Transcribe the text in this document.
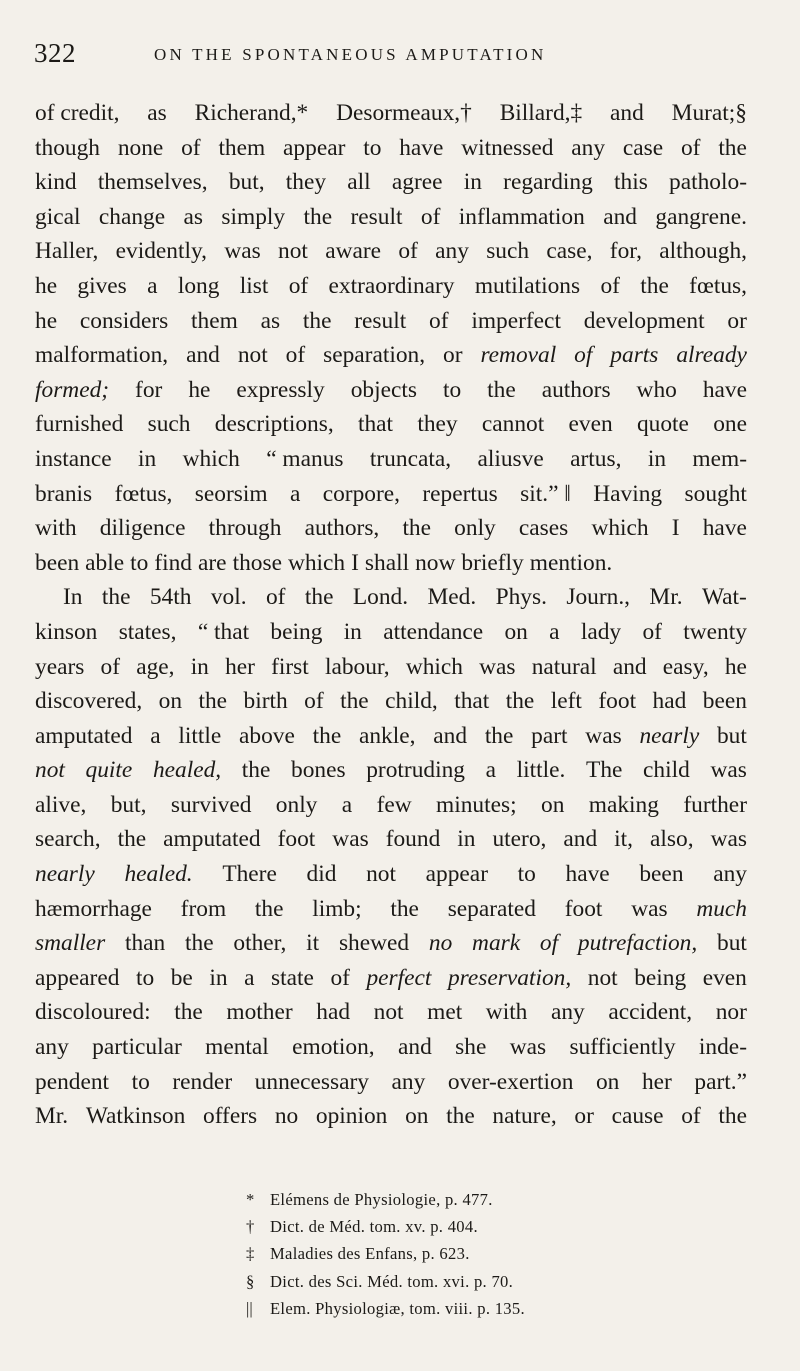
322	ON THE SPONTANEOUS AMPUTATION
of credit, as Richerand,* Desormeaux,† Billard,‡ and Murat;§
though none of them appear to have witnessed any case of the
kind themselves, but, they all agree in regarding this patholo-
gical change as simply the result of inflammation and gangrene.
Haller, evidently, was not aware of any such case, for, although,
he gives a long list of extraordinary mutilations of the fœtus,
he considers them as the result of imperfect development or
malformation, and not of separation, or removal of parts already
formed; for he expressly objects to the authors who have
furnished such descriptions, that they cannot even quote one
instance in which “ manus truncata, aliusve artus, in mem-
branis fœtus, seorsim a corpore, repertus sit.” ‖ Having sought
with diligence through authors, the only cases which I have
been able to find are those which I shall now briefly mention.
In the 54th vol. of the Lond. Med. Phys. Journ., Mr. Wat-
kinson states, “ that being in attendance on a lady of twenty
years of age, in her first labour, which was natural and easy, he
discovered, on the birth of the child, that the left foot had been
amputated a little above the ankle, and the part was nearly but
not quite healed, the bones protruding a little. The child was
alive, but, survived only a few minutes; on making further
search, the amputated foot was found in utero, and it, also, was
nearly healed. There did not appear to have been any
hæmorrhage from the limb; the separated foot was much
smaller than the other, it shewed no mark of putrefaction, but
appeared to be in a state of perfect preservation, not being even
discoloured: the mother had not met with any accident, nor
any particular mental emotion, and she was sufficiently inde-
pendent to render unnecessary any over-exertion on her part.”
Mr. Watkinson offers no opinion on the nature, or cause of the
* Elémens de Physiologie, p. 477.
† Dict. de Méd. tom. xv. p. 404.
‡ Maladies des Enfans, p. 623.
§ Dict. des Sci. Méd. tom. xvi. p. 70.
||	Elem. Physiologiæ, tom. viii. p. 135.
